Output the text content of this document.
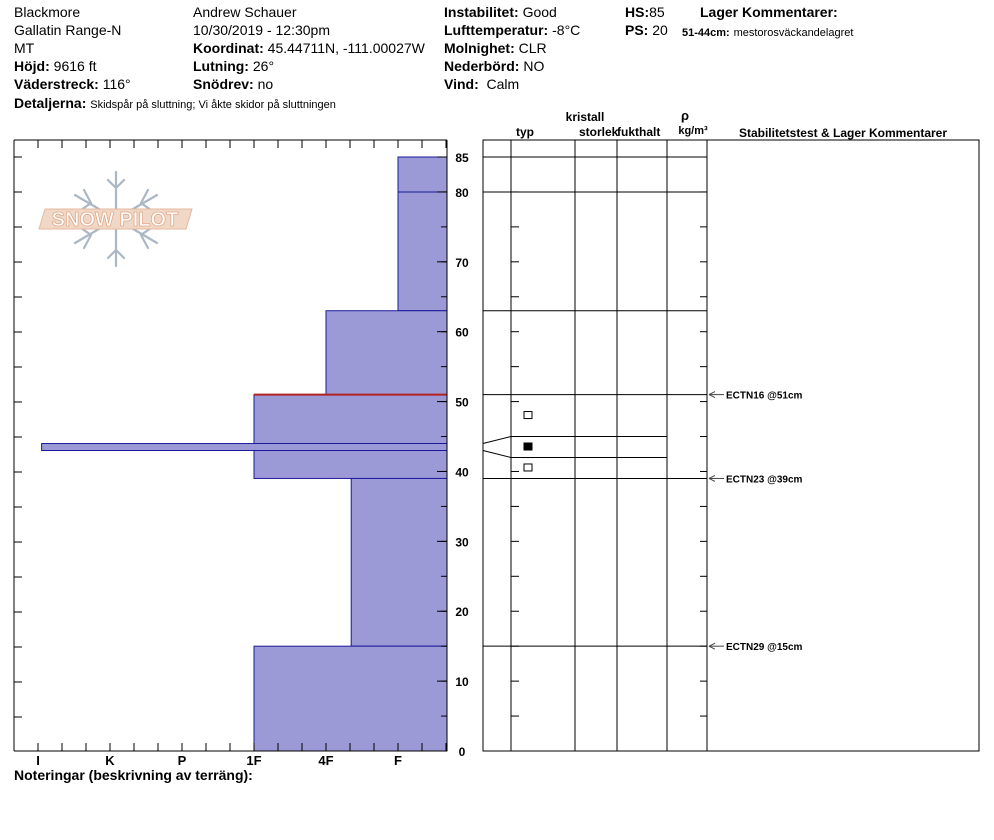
Blackmore
Gallatin Range-N
MT
Höjd: 9616 ft
Väderstreck: 116°
Detaljerna: Skidspår på sluttning; Vi åkte skidor på sluttningen
Andrew Schauer
10/30/2019 - 12:30pm
Koordinat: 45.44711N, -111.00027W
Lutning: 26°
Snödrev: no
Instabilitet: Good
Lufttemperatur: -8°C
Molnighet: CLR
Nederbörd: NO
Vind: Calm
HS:85
PS: 20
Lager Kommentarer:
51-44cm: mestorosväckandelagret
Noteringar (beskrivning av terräng):
SNOW PILOT
I	K	P	1F	4F	F
0
10
20
30
40
50
60
70
80
85
ECTN16 @51cm
ECTN23 @39cm
ECTN29 @15cm
kristall
typ	storlek
fukthalt
ρ
kg/m³	Stabilitetstest & Lager Kommentarer
